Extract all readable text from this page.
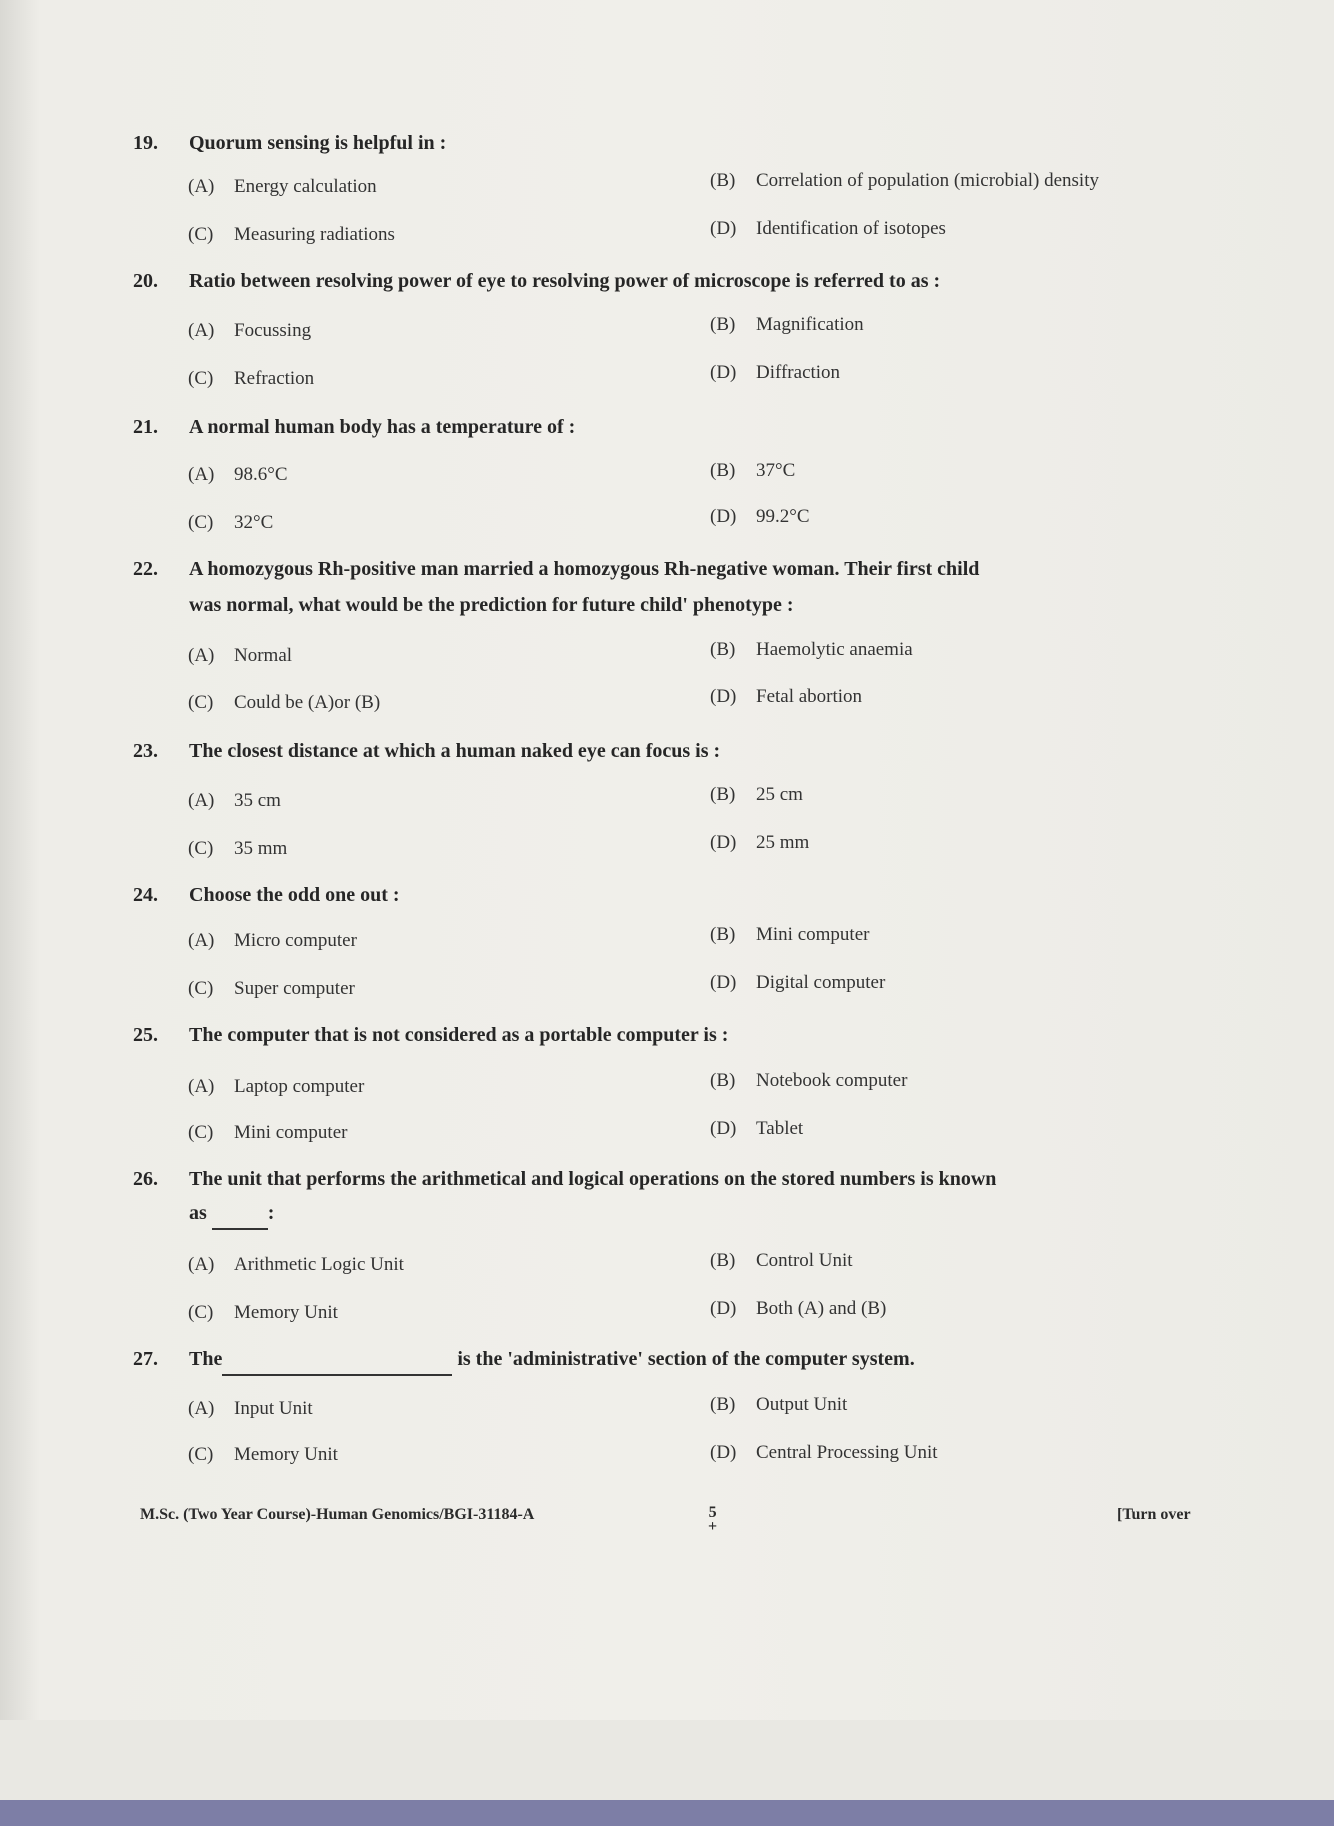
19. Quorum sensing is helpful in :
(A) Energy calculation	(B) Correlation of population (microbial) density
(C) Measuring radiations	(D) Identification of isotopes
20. Ratio between resolving power of eye to resolving power of microscope is referred to as :
(A) Focussing	(B) Magnification
(C) Refraction	(D) Diffraction
21. A normal human body has a temperature of :
(A) 98.6°C	(B) 37°C
(C) 32°C	(D) 99.2°C
22. A homozygous Rh-positive man married a homozygous Rh-negative woman. Their first child
was normal, what would be the prediction for future child' phenotype :
(A) Normal	(B) Haemolytic anaemia
(C) Could be (A)or (B)	(D) Fetal abortion
23. The closest distance at which a human naked eye can focus is :
(A) 35 cm	(B) 25 cm
(C) 35 mm	(D) 25 mm
24. Choose the odd one out :
(A) Micro computer	(B) Mini computer
(C) Super computer	(D) Digital computer
25. The computer that is not considered as a portable computer is :
(A) Laptop computer	(B) Notebook computer
(C) Mini computer	(D) Tablet
26. The unit that performs the arithmetical and logical operations on the stored numbers is known
as	:
(A) Arithmetic Logic Unit	(B) Control Unit
(C) Memory Unit	(D) Both (A) and (B)
27. The	is the 'administrative' section of the computer system.
(A) Input Unit	(B) Output Unit
(C) Memory Unit	(D) Central Processing Unit
M.Sc. (Two Year Course)-Human Genomics/BGI-31184-A	5
+
[Turn over
